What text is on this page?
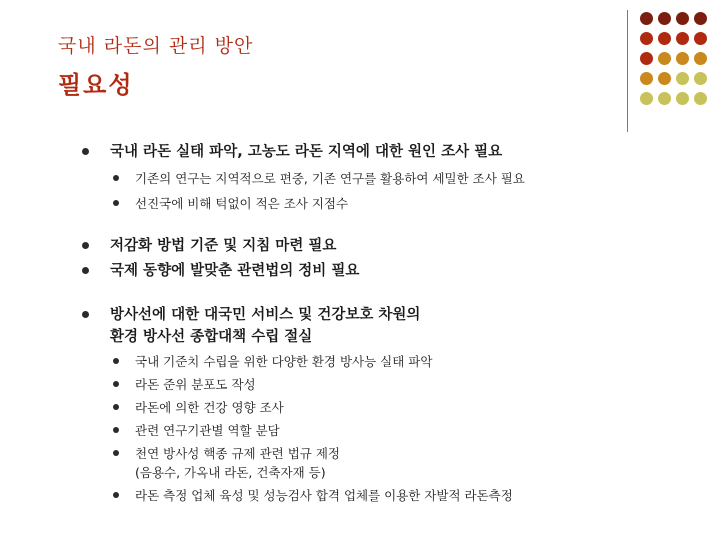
국내 라돈의 관리 방안
필요성
국내 라돈 실태 파악, 고농도 라돈 지역에 대한 원인 조사 필요
기존의 연구는 지역적으로 편중, 기존 연구를 활용하여 세밀한 조사 필요
선진국에 비해 턱없이 적은 조사 지점수
저감화 방법 기준 및 지침 마련 필요
국제 동향에 발맞춘 관련법의 정비 필요
방사선에 대한 대국민 서비스 및 건강보호 차원의
환경 방사선 종합대책 수립 절실
국내 기준치 수립을 위한 다양한 환경 방사능 실태 파악
라돈 준위 분포도 작성
라돈에 의한 건강 영향 조사
관련 연구기관별 역할 분담
천연 방사성 핵종 규제 관련 법규 제정
(음용수, 가옥내 라돈, 건축자재 등)
라돈 측정 업체 육성 및 성능검사 합격 업체를 이용한 자발적 라돈측정
